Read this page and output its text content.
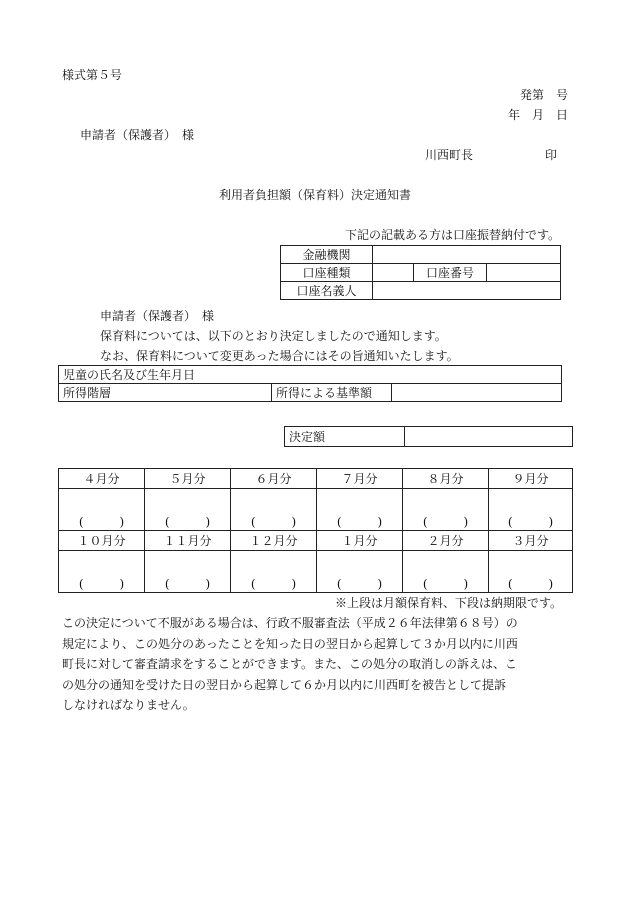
様式第５号
発第　号
年　月　日
申請者（保護者）　様
川西町長	印
利用者負担額（保育料）決定通知書
下記の記載ある方は口座振替納付です。
金融機関			
口座種類		口座番号	
口座名義人			
申請者（保護者）　様
保育料については、以下のとおり決定しましたので通知します。
なお、保育料について変更あった場合にはその旨通知いたします。
児童の氏名及び生年月日
所得階層	所得による基準額	
決定額	
４月分	５月分	６月分	７月分	８月分	９月分
(　　　)	(　　　)	(　　　)	(　　　)	(　　　)	(　　　)
１０月分	１１月分	１２月分	１月分	２月分	３月分
(　　　)	(　　　)	(　　　)	(　　　)	(　　　)	(　　　)
※上段は月額保育料、下段は納期限です。
この決定について不服がある場合は、行政不服審査法（平成２６年法律第６８号）の
規定により、この処分のあったことを知った日の翌日から起算して３か月以内に川西
町長に対して審査請求をすることができます。また、この処分の取消しの訴えは、こ
の処分の通知を受けた日の翌日から起算して６か月以内に川西町を被告として提訴
しなければなりません。
